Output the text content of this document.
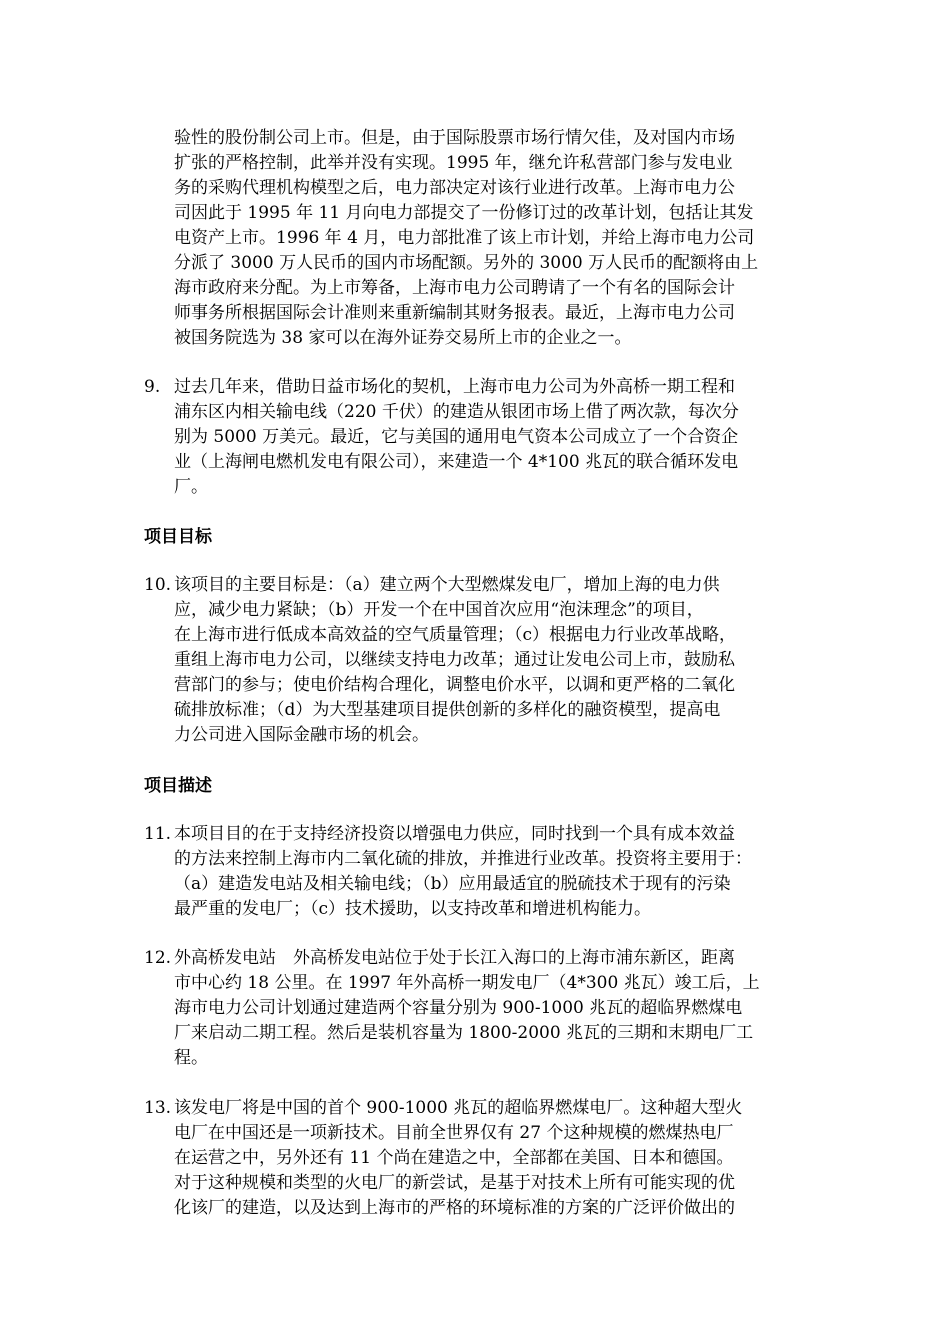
验性的股份制公司上市。但是，由于国际股票市场行情欠佳，及对国内市场
扩张的严格控制，此举并没有实现。1995 年，继允许私营部门参与发电业
务的采购代理机构模型之后，电力部决定对该行业进行改革。上海市电力公
司因此于 1995 年 11 月向电力部提交了一份修订过的改革计划，包括让其发
电资产上市。1996 年 4 月，电力部批准了该上市计划，并给上海市电力公司
分派了 3000 万人民币的国内市场配额。另外的 3000 万人民币的配额将由上
海市政府来分配。为上市筹备，上海市电力公司聘请了一个有名的国际会计
师事务所根据国际会计准则来重新编制其财务报表。最近，上海市电力公司
被国务院选为 38 家可以在海外证券交易所上市的企业之一。
9. 过去几年来，借助日益市场化的契机，上海市电力公司为外高桥一期工程和
浦东区内相关输电线（220 千伏）的建造从银团市场上借了两次款，每次分
别为 5000 万美元。最近，它与美国的通用电气资本公司成立了一个合资企
业（上海闸电燃机发电有限公司），来建造一个 4*100 兆瓦的联合循环发电
厂。
项目目标
10. 该项目的主要目标是：（a）建立两个大型燃煤发电厂，增加上海的电力供
应，减少电力紧缺；（b）开发一个在中国首次应用“泡沫理念”的项目，
在上海市进行低成本高效益的空气质量管理；（c）根据电力行业改革战略，
重组上海市电力公司，以继续支持电力改革；通过让发电公司上市，鼓励私
营部门的参与；使电价结构合理化，调整电价水平，以调和更严格的二氧化
硫排放标准；（d）为大型基建项目提供创新的多样化的融资模型，提高电
力公司进入国际金融市场的机会。
项目描述
11. 本项目目的在于支持经济投资以增强电力供应，同时找到一个具有成本效益
的方法来控制上海市内二氧化硫的排放，并推进行业改革。投资将主要用于：
（a）建造发电站及相关输电线；（b）应用最适宜的脱硫技术于现有的污染
最严重的发电厂；（c）技术援助，以支持改革和增进机构能力。
12. 外高桥发电站　外高桥发电站位于处于长江入海口的上海市浦东新区，距离
市中心约 18 公里。在 1997 年外高桥一期发电厂（4*300 兆瓦）竣工后，上
海市电力公司计划通过建造两个容量分别为 900-1000 兆瓦的超临界燃煤电
厂来启动二期工程。然后是装机容量为 1800-2000 兆瓦的三期和末期电厂工
程。
13. 该发电厂将是中国的首个 900-1000 兆瓦的超临界燃煤电厂。这种超大型火
电厂在中国还是一项新技术。目前全世界仅有 27 个这种规模的燃煤热电厂
在运营之中，另外还有 11 个尚在建造之中，全部都在美国、日本和德国。
对于这种规模和类型的火电厂的新尝试，是基于对技术上所有可能实现的优
化该厂的建造，以及达到上海市的严格的环境标准的方案的广泛评价做出的
